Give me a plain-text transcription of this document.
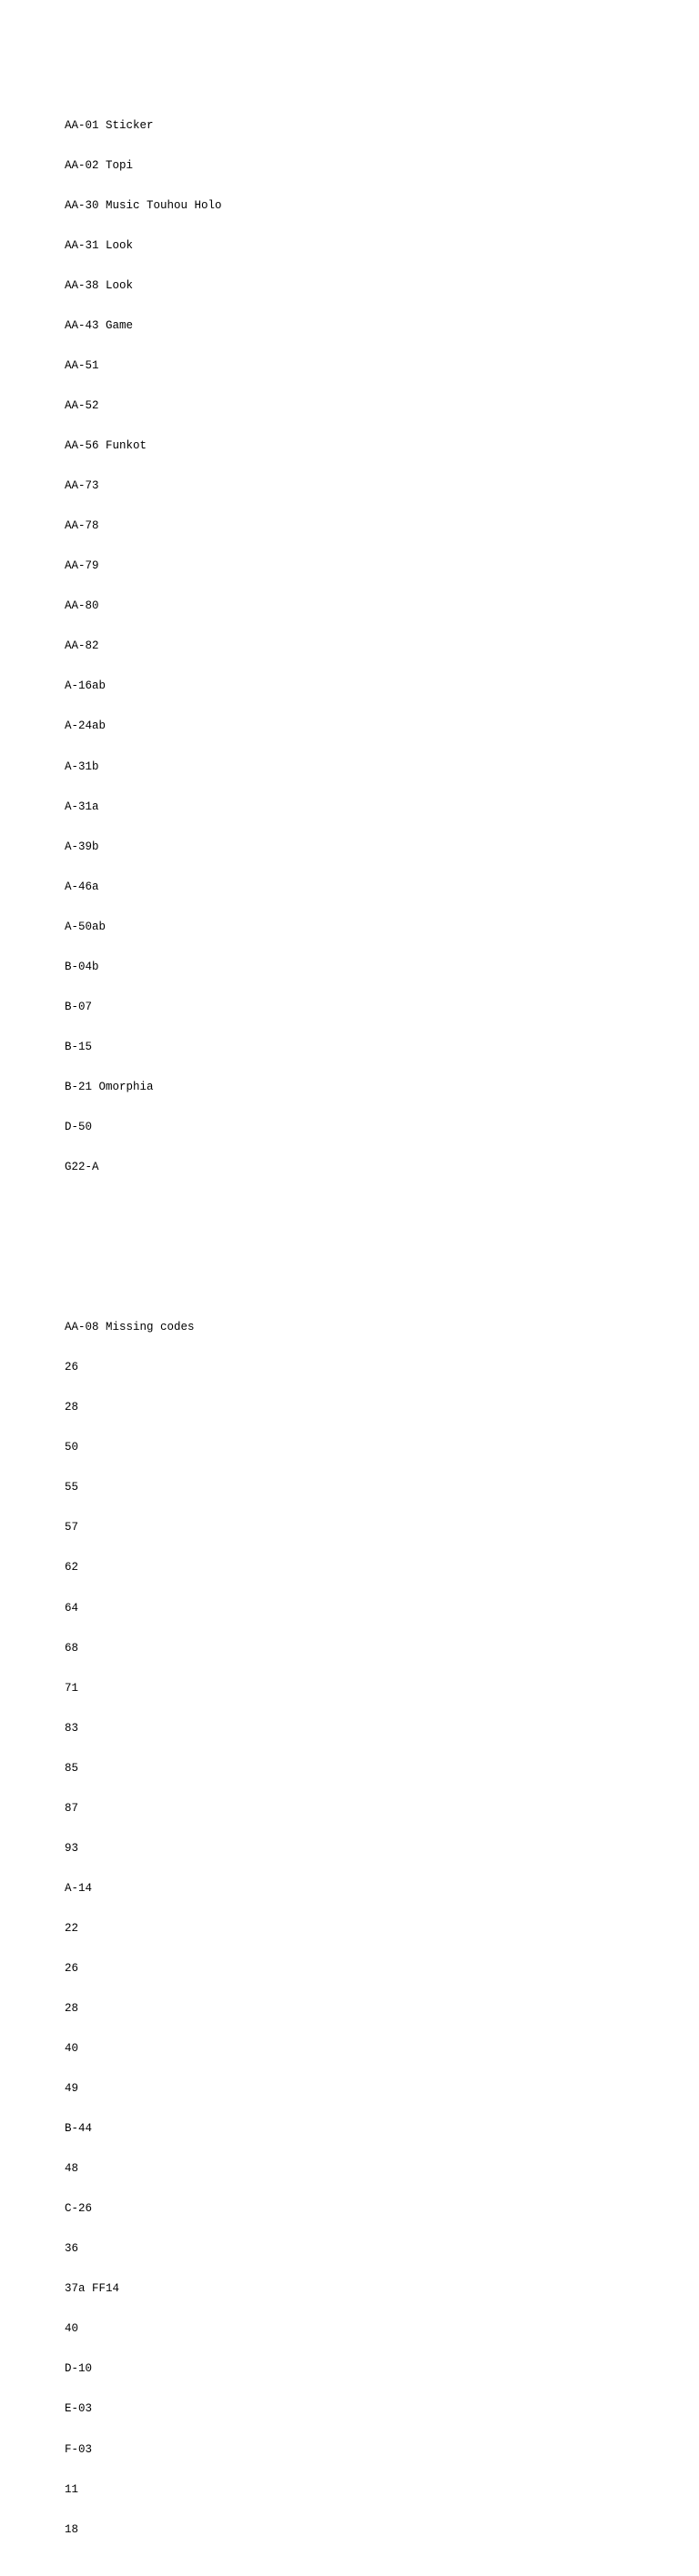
AA-01 Sticker

AA-02 Topi

AA-30 Music Touhou Holo

AA-31 Look

AA-38 Look

AA-43 Game

AA-51

AA-52

AA-56 Funkot

AA-73

AA-78

AA-79

AA-80

AA-82

A-16ab

A-24ab

A-31b

A-31a

A-39b

A-46a

A-50ab

B-04b

B-07

B-15

B-21 Omorphia

D-50

G22-A

AA-08 Missing codes

26

28

50

55

57

62

64

68

71

83

85

87

93

A-14

22

26

28

40

49

B-44

48

C-26

36

37a FF14

40

D-10

E-03

F-03

11

18
